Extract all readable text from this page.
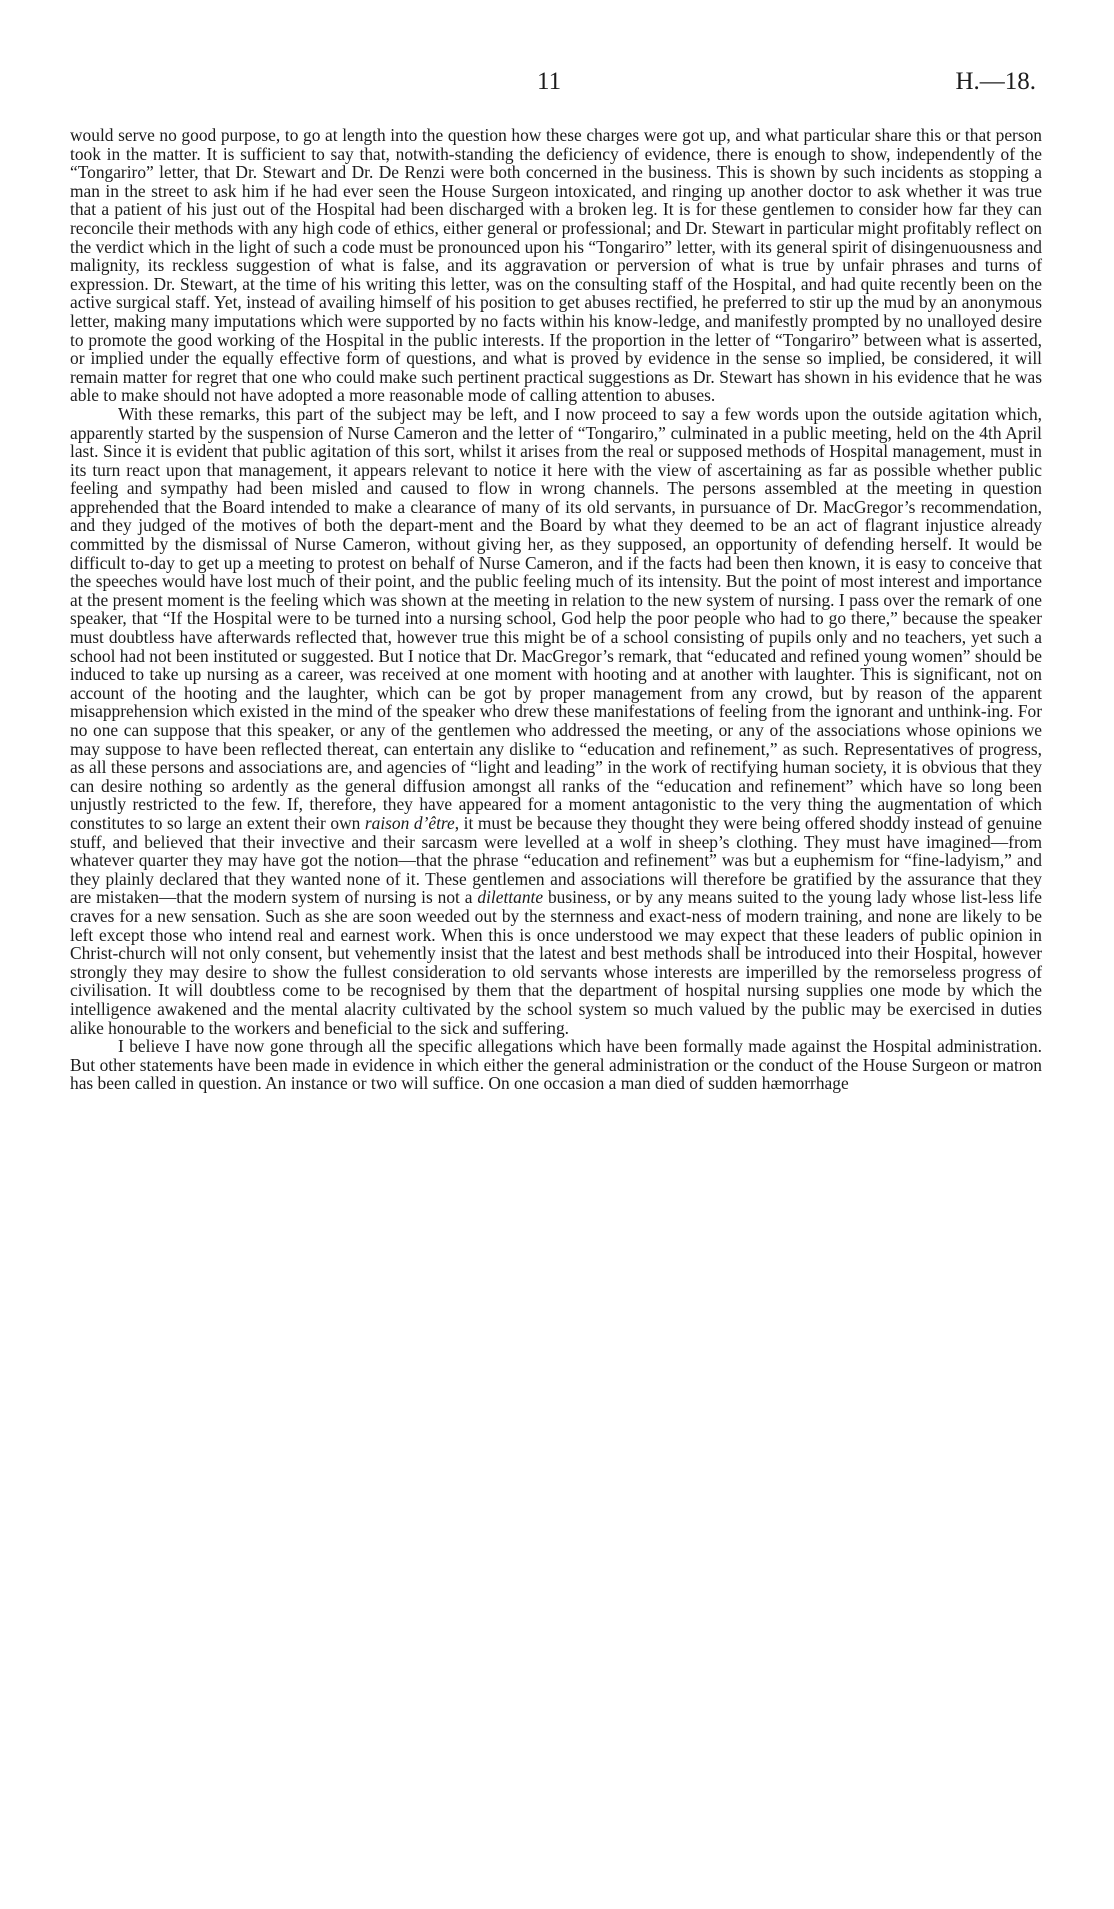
11	H.—18.

would serve no good purpose, to go at length into the question how these charges were got up, and what particular share this or that person took in the matter. It is sufficient to say that, notwith-standing the deficiency of evidence, there is enough to show, independently of the “Tongariro” letter, that Dr. Stewart and Dr. De Renzi were both concerned in the business. This is shown by such incidents as stopping a man in the street to ask him if he had ever seen the House Surgeon intoxicated, and ringing up another doctor to ask whether it was true that a patient of his just out of the Hospital had been discharged with a broken leg. It is for these gentlemen to consider how far they can reconcile their methods with any high code of ethics, either general or professional; and Dr. Stewart in particular might profitably reflect on the verdict which in the light of such a code must be pronounced upon his “Tongariro” letter, with its general spirit of disingenuousness and malignity, its reckless suggestion of what is false, and its aggravation or perversion of what is true by unfair phrases and turns of expression. Dr. Stewart, at the time of his writing this letter, was on the consulting staff of the Hospital, and had quite recently been on the active surgical staff. Yet, instead of availing himself of his position to get abuses rectified, he preferred to stir up the mud by an anonymous letter, making many imputations which were supported by no facts within his know-ledge, and manifestly prompted by no unalloyed desire to promote the good working of the Hospital in the public interests. If the proportion in the letter of “Tongariro” between what is asserted, or implied under the equally effective form of questions, and what is proved by evidence in the sense so implied, be considered, it will remain matter for regret that one who could make such pertinent practical suggestions as Dr. Stewart has shown in his evidence that he was able to make should not have adopted a more reasonable mode of calling attention to abuses.

With these remarks, this part of the subject may be left, and I now proceed to say a few words upon the outside agitation which, apparently started by the suspension of Nurse Cameron and the letter of “Tongariro,” culminated in a public meeting, held on the 4th April last. Since it is evident that public agitation of this sort, whilst it arises from the real or supposed methods of Hospital management, must in its turn react upon that management, it appears relevant to notice it here with the view of ascertaining as far as possible whether public feeling and sympathy had been misled and caused to flow in wrong channels. The persons assembled at the meeting in question apprehended that the Board intended to make a clearance of many of its old servants, in pursuance of Dr. MacGregor’s recommendation, and they judged of the motives of both the depart-ment and the Board by what they deemed to be an act of flagrant injustice already committed by the dismissal of Nurse Cameron, without giving her, as they supposed, an opportunity of defending herself. It would be difficult to-day to get up a meeting to protest on behalf of Nurse Cameron, and if the facts had been then known, it is easy to conceive that the speeches would have lost much of their point, and the public feeling much of its intensity. But the point of most interest and importance at the present moment is the feeling which was shown at the meeting in relation to the new system of nursing. I pass over the remark of one speaker, that “If the Hospital were to be turned into a nursing school, God help the poor people who had to go there,” because the speaker must doubtless have afterwards reflected that, however true this might be of a school consisting of pupils only and no teachers, yet such a school had not been instituted or suggested. But I notice that Dr. MacGregor’s remark, that “educated and refined young women” should be induced to take up nursing as a career, was received at one moment with hooting and at another with laughter. This is significant, not on account of the hooting and the laughter, which can be got by proper management from any crowd, but by reason of the apparent misapprehension which existed in the mind of the speaker who drew these manifestations of feeling from the ignorant and unthink-ing. For no one can suppose that this speaker, or any of the gentlemen who addressed the meeting, or any of the associations whose opinions we may suppose to have been reflected thereat, can entertain any dislike to “education and refinement,” as such. Representatives of progress, as all these persons and associations are, and agencies of “light and leading” in the work of rectifying human society, it is obvious that they can desire nothing so ardently as the general diffusion amongst all ranks of the “education and refinement” which have so long been unjustly restricted to the few. If, therefore, they have appeared for a moment antagonistic to the very thing the augmentation of which constitutes to so large an extent their own raison d’être, it must be because they thought they were being offered shoddy instead of genuine stuff, and believed that their invective and their sarcasm were levelled at a wolf in sheep’s clothing. They must have imagined—from whatever quarter they may have got the notion—that the phrase “education and refinement” was but a euphemism for “fine-ladyism,” and they plainly declared that they wanted none of it. These gentlemen and associations will therefore be gratified by the assurance that they are mistaken—that the modern system of nursing is not a dilettante business, or by any means suited to the young lady whose list-less life craves for a new sensation. Such as she are soon weeded out by the sternness and exact-ness of modern training, and none are likely to be left except those who intend real and earnest work. When this is once understood we may expect that these leaders of public opinion in Christ-church will not only consent, but vehemently insist that the latest and best methods shall be introduced into their Hospital, however strongly they may desire to show the fullest consideration to old servants whose interests are imperilled by the remorseless progress of civilisation. It will doubtless come to be recognised by them that the department of hospital nursing supplies one mode by which the intelligence awakened and the mental alacrity cultivated by the school system so much valued by the public may be exercised in duties alike honourable to the workers and beneficial to the sick and suffering.

I believe I have now gone through all the specific allegations which have been formally made against the Hospital administration. But other statements have been made in evidence in which either the general administration or the conduct of the House Surgeon or matron has been called in question. An instance or two will suffice. On one occasion a man died of sudden hæmorrhage
